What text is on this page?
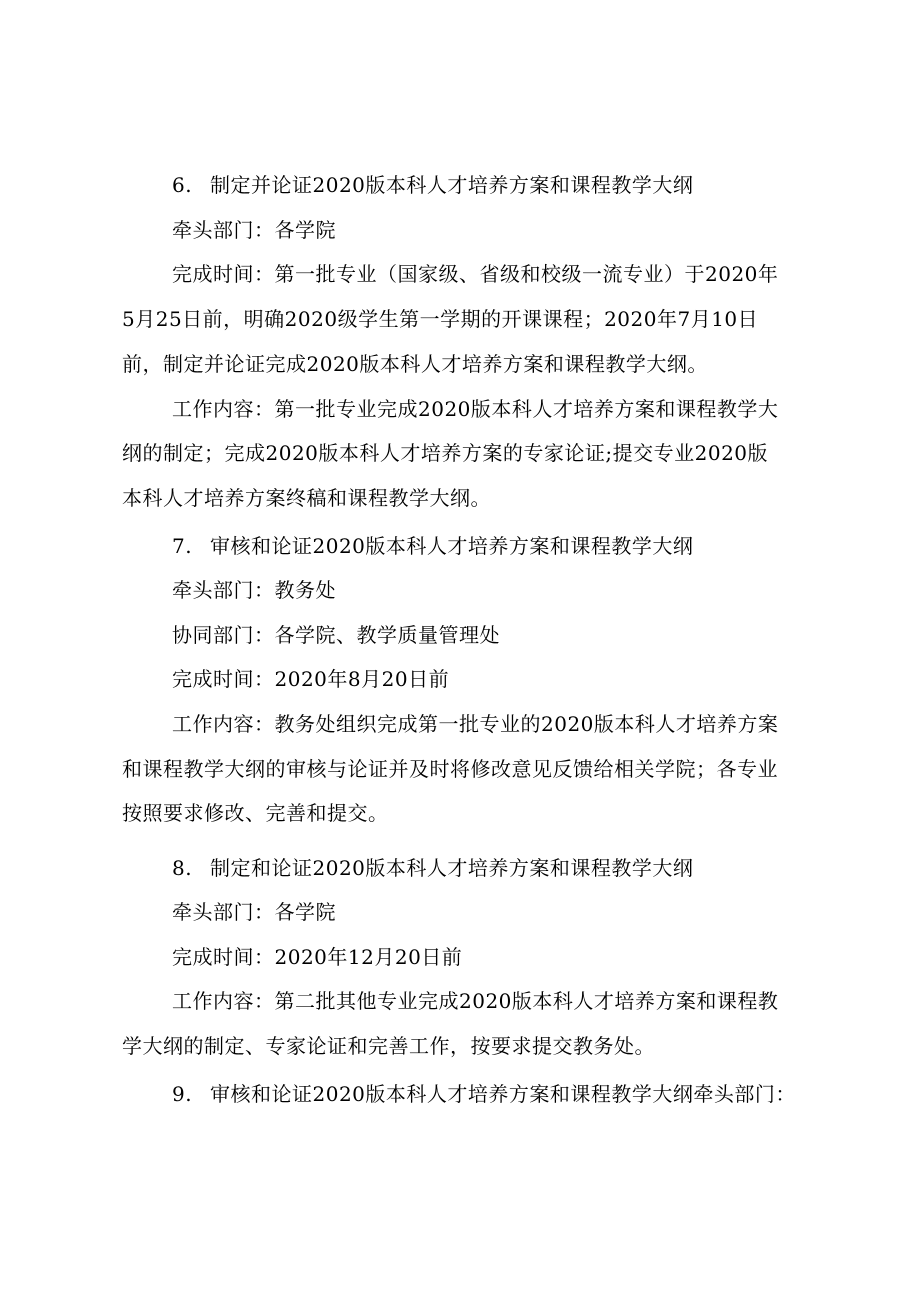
6. 制定并论证2020版本科人才培养方案和课程教学大纲
牵头部门：各学院
完成时间：第一批专业（国家级、省级和校级一流专业）于2020年
5月25日前，明确2020级学生第一学期的开课课程；2020年7月10日
前，制定并论证完成2020版本科人才培养方案和课程教学大纲。
工作内容：第一批专业完成2020版本科人才培养方案和课程教学大
纲的制定；完成2020版本科人才培养方案的专家论证;提交专业2020版
本科人才培养方案终稿和课程教学大纲。
7. 审核和论证2020版本科人才培养方案和课程教学大纲
牵头部门：教务处
协同部门：各学院、教学质量管理处
完成时间：2020年8月20日前
工作内容：教务处组织完成第一批专业的2020版本科人才培养方案
和课程教学大纲的审核与论证并及时将修改意见反馈给相关学院；各专业
按照要求修改、完善和提交。
8. 制定和论证2020版本科人才培养方案和课程教学大纲
牵头部门：各学院
完成时间：2020年12月20日前
工作内容：第二批其他专业完成2020版本科人才培养方案和课程教
学大纲的制定、专家论证和完善工作，按要求提交教务处。
9. 审核和论证2020版本科人才培养方案和课程教学大纲牵头部门：
